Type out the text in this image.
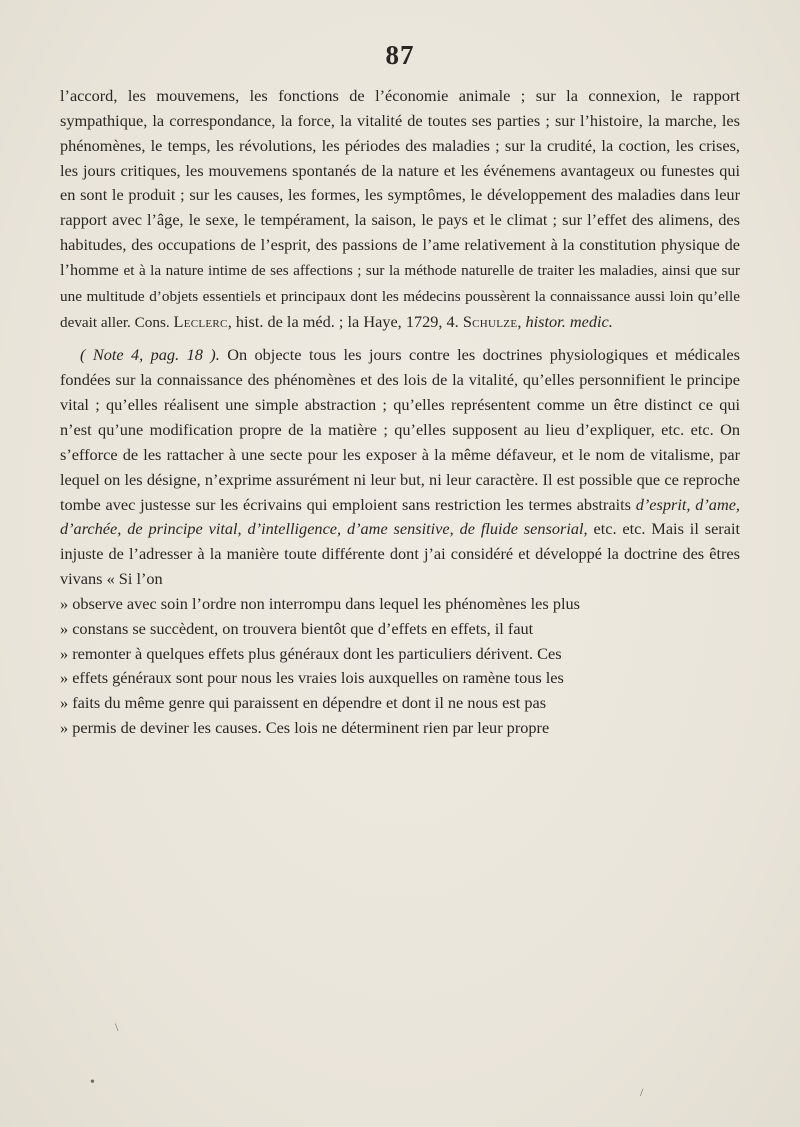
87

l’accord, les mouvemens, les fonctions de l’économie animale ; sur la connexion, le rapport sympathique, la correspondance, la force, la vitalité de toutes ses parties ; sur l’histoire, la marche, les phénomènes, le temps, les révolutions, les périodes des maladies ; sur la crudité, la coction, les crises, les jours critiques, les mouvemens spontanés de la nature et les événemens avantageux ou funestes qui en sont le produit ; sur les causes, les formes, les symptômes, le développement des maladies dans leur rapport avec l’âge, le sexe, le tempérament, la saison, le pays et le climat ; sur l’effet des alimens, des habitudes, des occupations de l’esprit, des passions de l’ame relativement à la constitution physique de l’homme et à la nature intime de ses affections ; sur la méthode naturelle de traiter les maladies, ainsi que sur une multitude d’objets essentiels et principaux dont les médecins poussèrent la connaissance aussi loin qu’elle devait aller. Cons. Leclerc, hist. de la méd. ; la Haye, 1729, 4. Schulze, histor. medic.

( Note 4, pag. 18 ). On objecte tous les jours contre les doctrines physiologiques et médicales fondées sur la connaissance des phénomènes et des lois de la vitalité, qu’elles personnifient le principe vital ; qu’elles réalisent une simple abstraction ; qu’elles représentent comme un être distinct ce qui n’est qu’une modification propre de la matière ; qu’elles supposent au lieu d’expliquer, etc. etc. On s’efforce de les rattacher à une secte pour les exposer à la même défaveur, et le nom de vitalisme, par lequel on les désigne, n’exprime assurément ni leur but, ni leur caractère. Il est possible que ce reproche tombe avec justesse sur les écrivains qui emploient sans restriction les termes abstraits d’esprit, d’ame, d’archée, de principe vital, d’intelligence, d’ame sensitive, de fluide sensorial, etc. etc. Mais il serait injuste de l’adresser à la manière toute différente dont j’ai considéré et développé la doctrine des êtres vivans « Si l’on
» observe avec soin l’ordre non interrompu dans lequel les phénomènes les plus
» constans se succèdent, on trouvera bientôt que d’effets en effets, il faut
» remonter à quelques effets plus généraux dont les particuliers dérivent. Ces
» effets généraux sont pour nous les vraies lois auxquelles on ramène tous les
» faits du même genre qui paraissent en dépendre et dont il ne nous est pas
» permis de deviner les causes. Ces lois ne déterminent rien par leur propre

•
\
/
